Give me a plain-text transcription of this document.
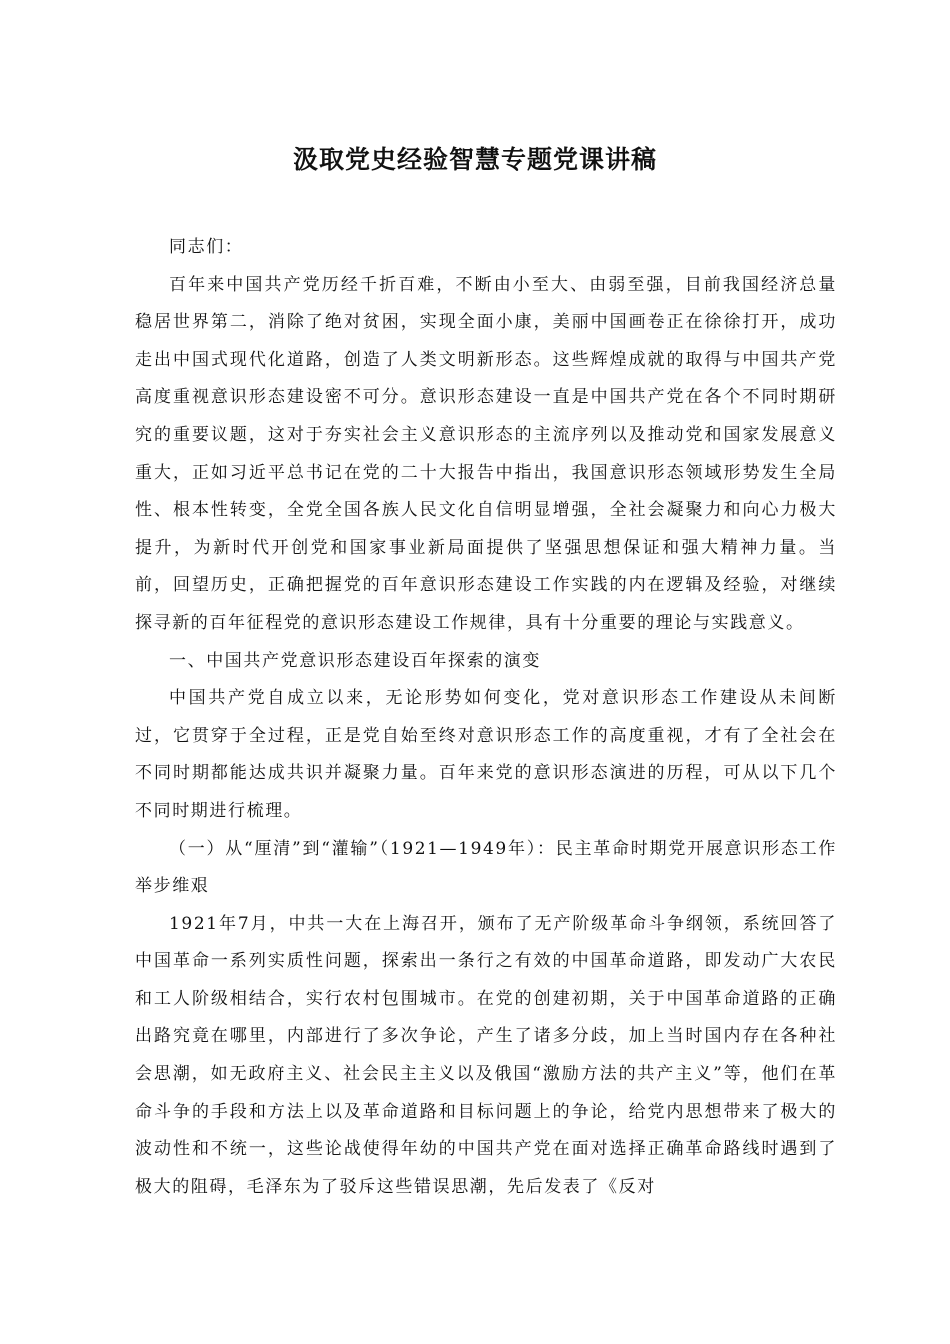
汲取党史经验智慧专题党课讲稿

同志们：

百年来中国共产党历经千折百难，不断由小至大、由弱至强，目前我国经济总量稳居世界第二，消除了绝对贫困，实现全面小康，美丽中国画卷正在徐徐打开，成功走出中国式现代化道路，创造了人类文明新形态。这些辉煌成就的取得与中国共产党高度重视意识形态建设密不可分。意识形态建设一直是中国共产党在各个不同时期研究的重要议题，这对于夯实社会主义意识形态的主流序列以及推动党和国家发展意义重大，正如习近平总书记在党的二十大报告中指出，我国意识形态领域形势发生全局性、根本性转变，全党全国各族人民文化自信明显增强，全社会凝聚力和向心力极大提升，为新时代开创党和国家事业新局面提供了坚强思想保证和强大精神力量。当前，回望历史，正确把握党的百年意识形态建设工作实践的内在逻辑及经验，对继续探寻新的百年征程党的意识形态建设工作规律，具有十分重要的理论与实践意义。

一、中国共产党意识形态建设百年探索的演变

中国共产党自成立以来，无论形势如何变化，党对意识形态工作建设从未间断过，它贯穿于全过程，正是党自始至终对意识形态工作的高度重视，才有了全社会在不同时期都能达成共识并凝聚力量。百年来党的意识形态演进的历程，可从以下几个不同时期进行梳理。

（一）从“厘清”到“灌输”（1921—1949年）：民主革命时期党开展意识形态工作举步维艰

1921年7月，中共一大在上海召开，颁布了无产阶级革命斗争纲领，系统回答了中国革命一系列实质性问题，探索出一条行之有效的中国革命道路，即发动广大农民和工人阶级相结合，实行农村包围城市。在党的创建初期，关于中国革命道路的正确出路究竟在哪里，内部进行了多次争论，产生了诸多分歧，加上当时国内存在各种社会思潮，如无政府主义、社会民主主义以及俄国“激励方法的共产主义”等，他们在革命斗争的手段和方法上以及革命道路和目标问题上的争论，给党内思想带来了极大的波动性和不统一，这些论战使得年幼的中国共产党在面对选择正确革命路线时遇到了极大的阻碍，毛泽东为了驳斥这些错误思潮，先后发表了《反对
